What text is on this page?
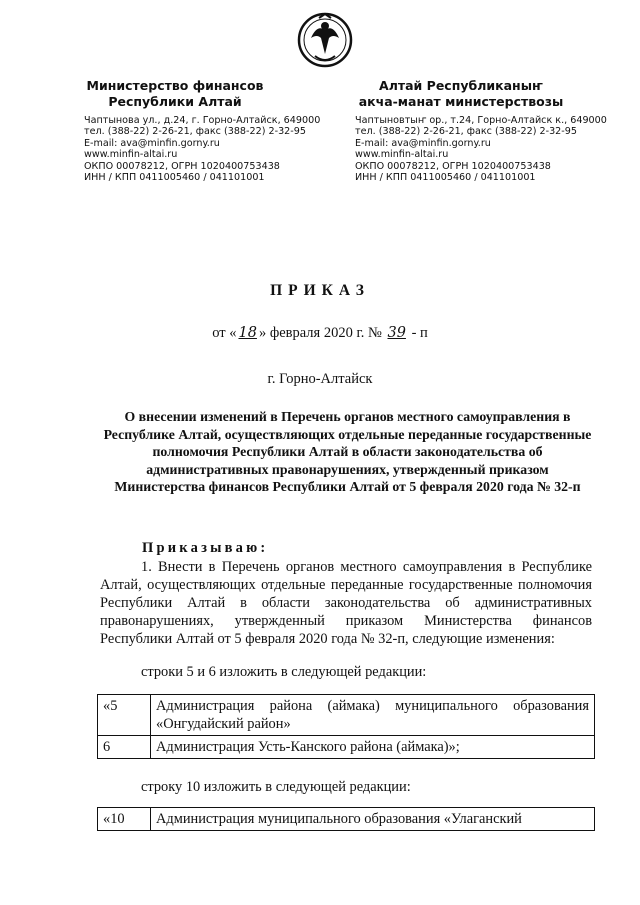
Министерство финансов
Республики Алтай
Алтай Республиканыҥ
акча-манат министерствозы
Чаптынова ул., д.24, г. Горно-Алтайск, 649000
тел. (388-22) 2-26-21, факс (388-22) 2-32-95
E-mail: ava@minfin.gorny.ru
www.minfin-altai.ru
ОКПО 00078212, ОГРН 1020400753438
ИНН / КПП 0411005460 / 041101001
Чаптыновтыҥ ор., т.24, Горно-Алтайск к., 649000
тел. (388-22) 2-26-21, факс (388-22) 2-32-95
E-mail: ava@minfin.gorny.ru
www.minfin-altai.ru
ОКПО 00078212, ОГРН 1020400753438
ИНН / КПП 0411005460 / 041101001
ПРИКАЗ
от « 18 » февраля 2020 г. № 39 - п
г. Горно-Алтайск
О внесении изменений в Перечень органов местного самоуправления в Республике Алтай, осуществляющих отдельные переданные государственные полномочия Республики Алтай в области законодательства об административных правонарушениях, утвержденный приказом Министерства финансов Республики Алтай от 5 февраля 2020 года № 32-п
Приказываю:
1. Внести в Перечень органов местного самоуправления в Республике Алтай, осуществляющих отдельные переданные государственные полномочия Республики Алтай в области законодательства об административных правонарушениях, утвержденный приказом Министерства финансов Республики Алтай от 5 февраля 2020 года № 32-п, следующие изменения:
строки 5 и 6 изложить в следующей редакции:
«5	Администрация района (аймака) муниципального образования «Онгудайский район»
6	Администрация Усть-Канского района (аймака)»;
строку 10 изложить в следующей редакции:
«10	Администрация муниципального образования «Улаганский
